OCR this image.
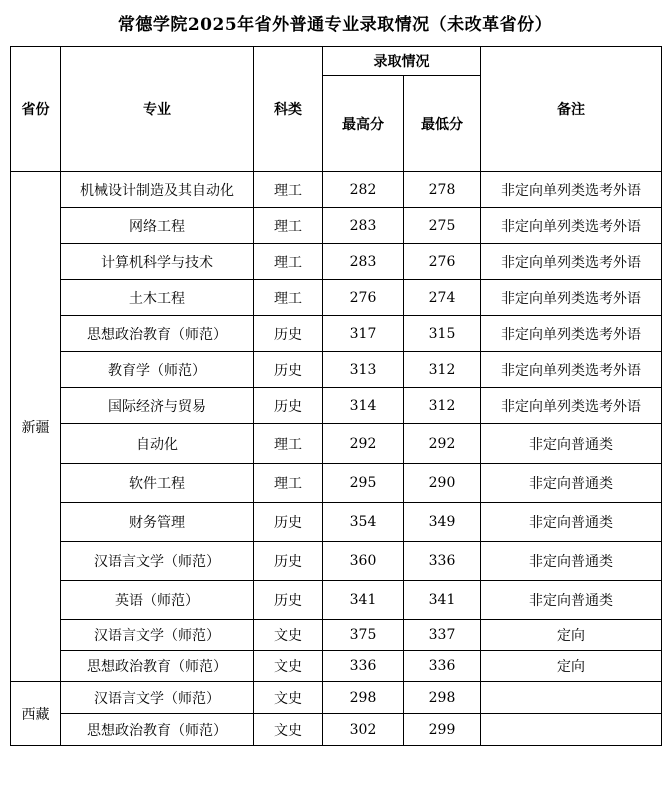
常德学院2025年省外普通专业录取情况（未改革省份）
省份	专业	科类	录取情况		备注
			最高分	最低分	
新疆	机械设计制造及其自动化	理工	282	278	非定向单列类选考外语
	网络工程	理工	283	275	非定向单列类选考外语
	计算机科学与技术	理工	283	276	非定向单列类选考外语
	土木工程	理工	276	274	非定向单列类选考外语
	思想政治教育（师范）	历史	317	315	非定向单列类选考外语
	教育学（师范）	历史	313	312	非定向单列类选考外语
	国际经济与贸易	历史	314	312	非定向单列类选考外语
	自动化	理工	292	292	非定向普通类
	软件工程	理工	295	290	非定向普通类
	财务管理	历史	354	349	非定向普通类
	汉语言文学（师范）	历史	360	336	非定向普通类
	英语（师范）	历史	341	341	非定向普通类
	汉语言文学（师范）	文史	375	337	定向
	思想政治教育（师范）	文史	336	336	定向
西藏	汉语言文学（师范）	文史	298	298	
	思想政治教育（师范）	文史	302	299	
